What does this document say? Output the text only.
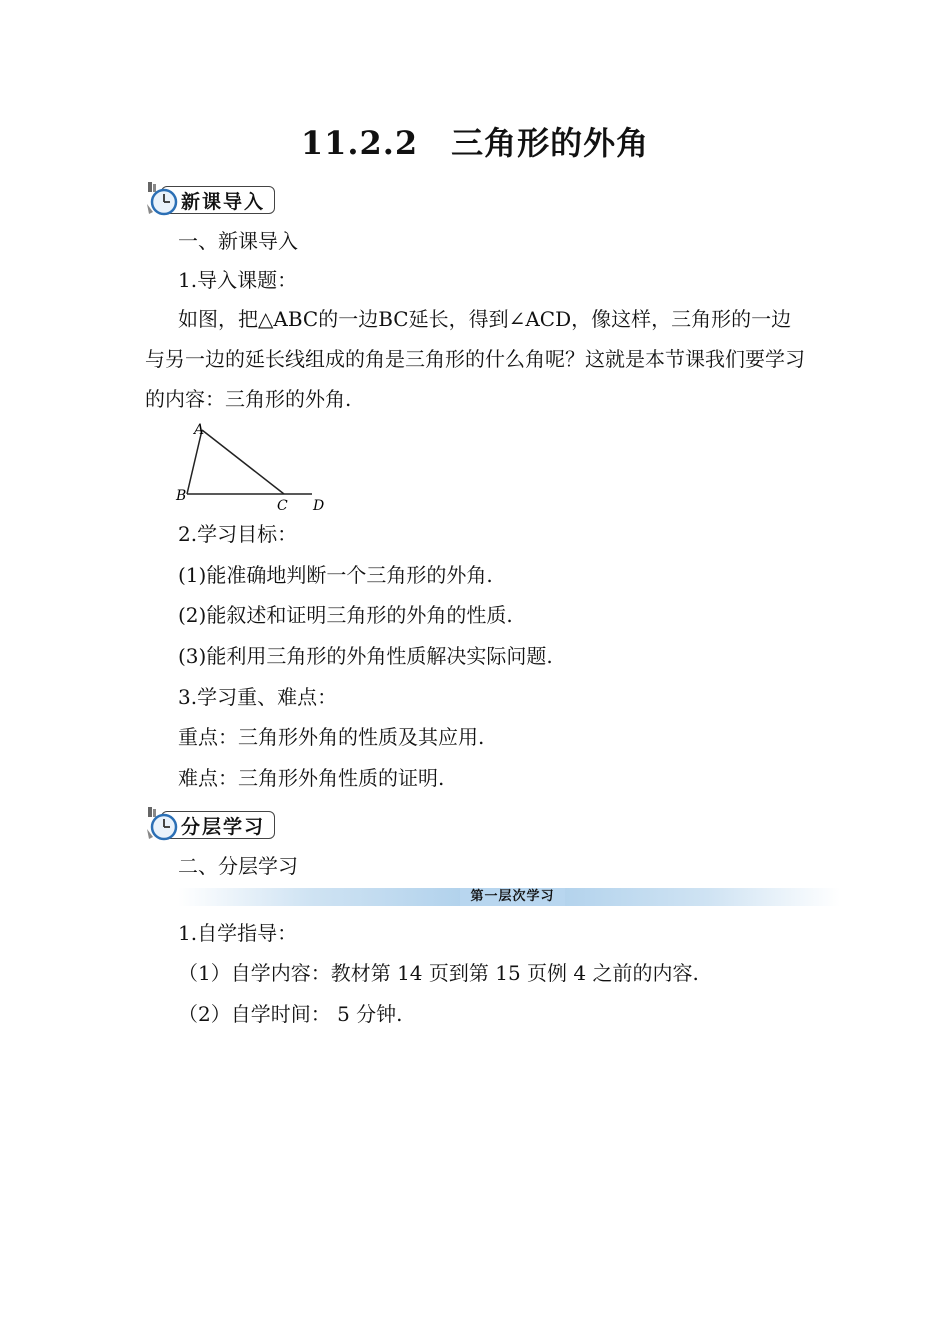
11.2.2　三角形的外角
新课导入
一、新课导入
1.导入课题：
如图，把△ABC的一边BC延长，得到∠ACD，像这样，三角形的一边与另一边的延长线组成的角是三角形的什么角呢？这就是本节课我们要学习的内容：三角形的外角.
A
B
C D
2.学习目标：
(1)能准确地判断一个三角形的外角.
(2)能叙述和证明三角形的外角的性质.
(3)能利用三角形的外角性质解决实际问题.
3.学习重、难点：
重点：三角形外角的性质及其应用.
难点：三角形外角性质的证明.
分层学习
二、分层学习
第一层次学习
1.自学指导：
（1）自学内容：教材第 14 页到第 15 页例 4 之前的内容.
（2）自学时间： 5 分钟.
